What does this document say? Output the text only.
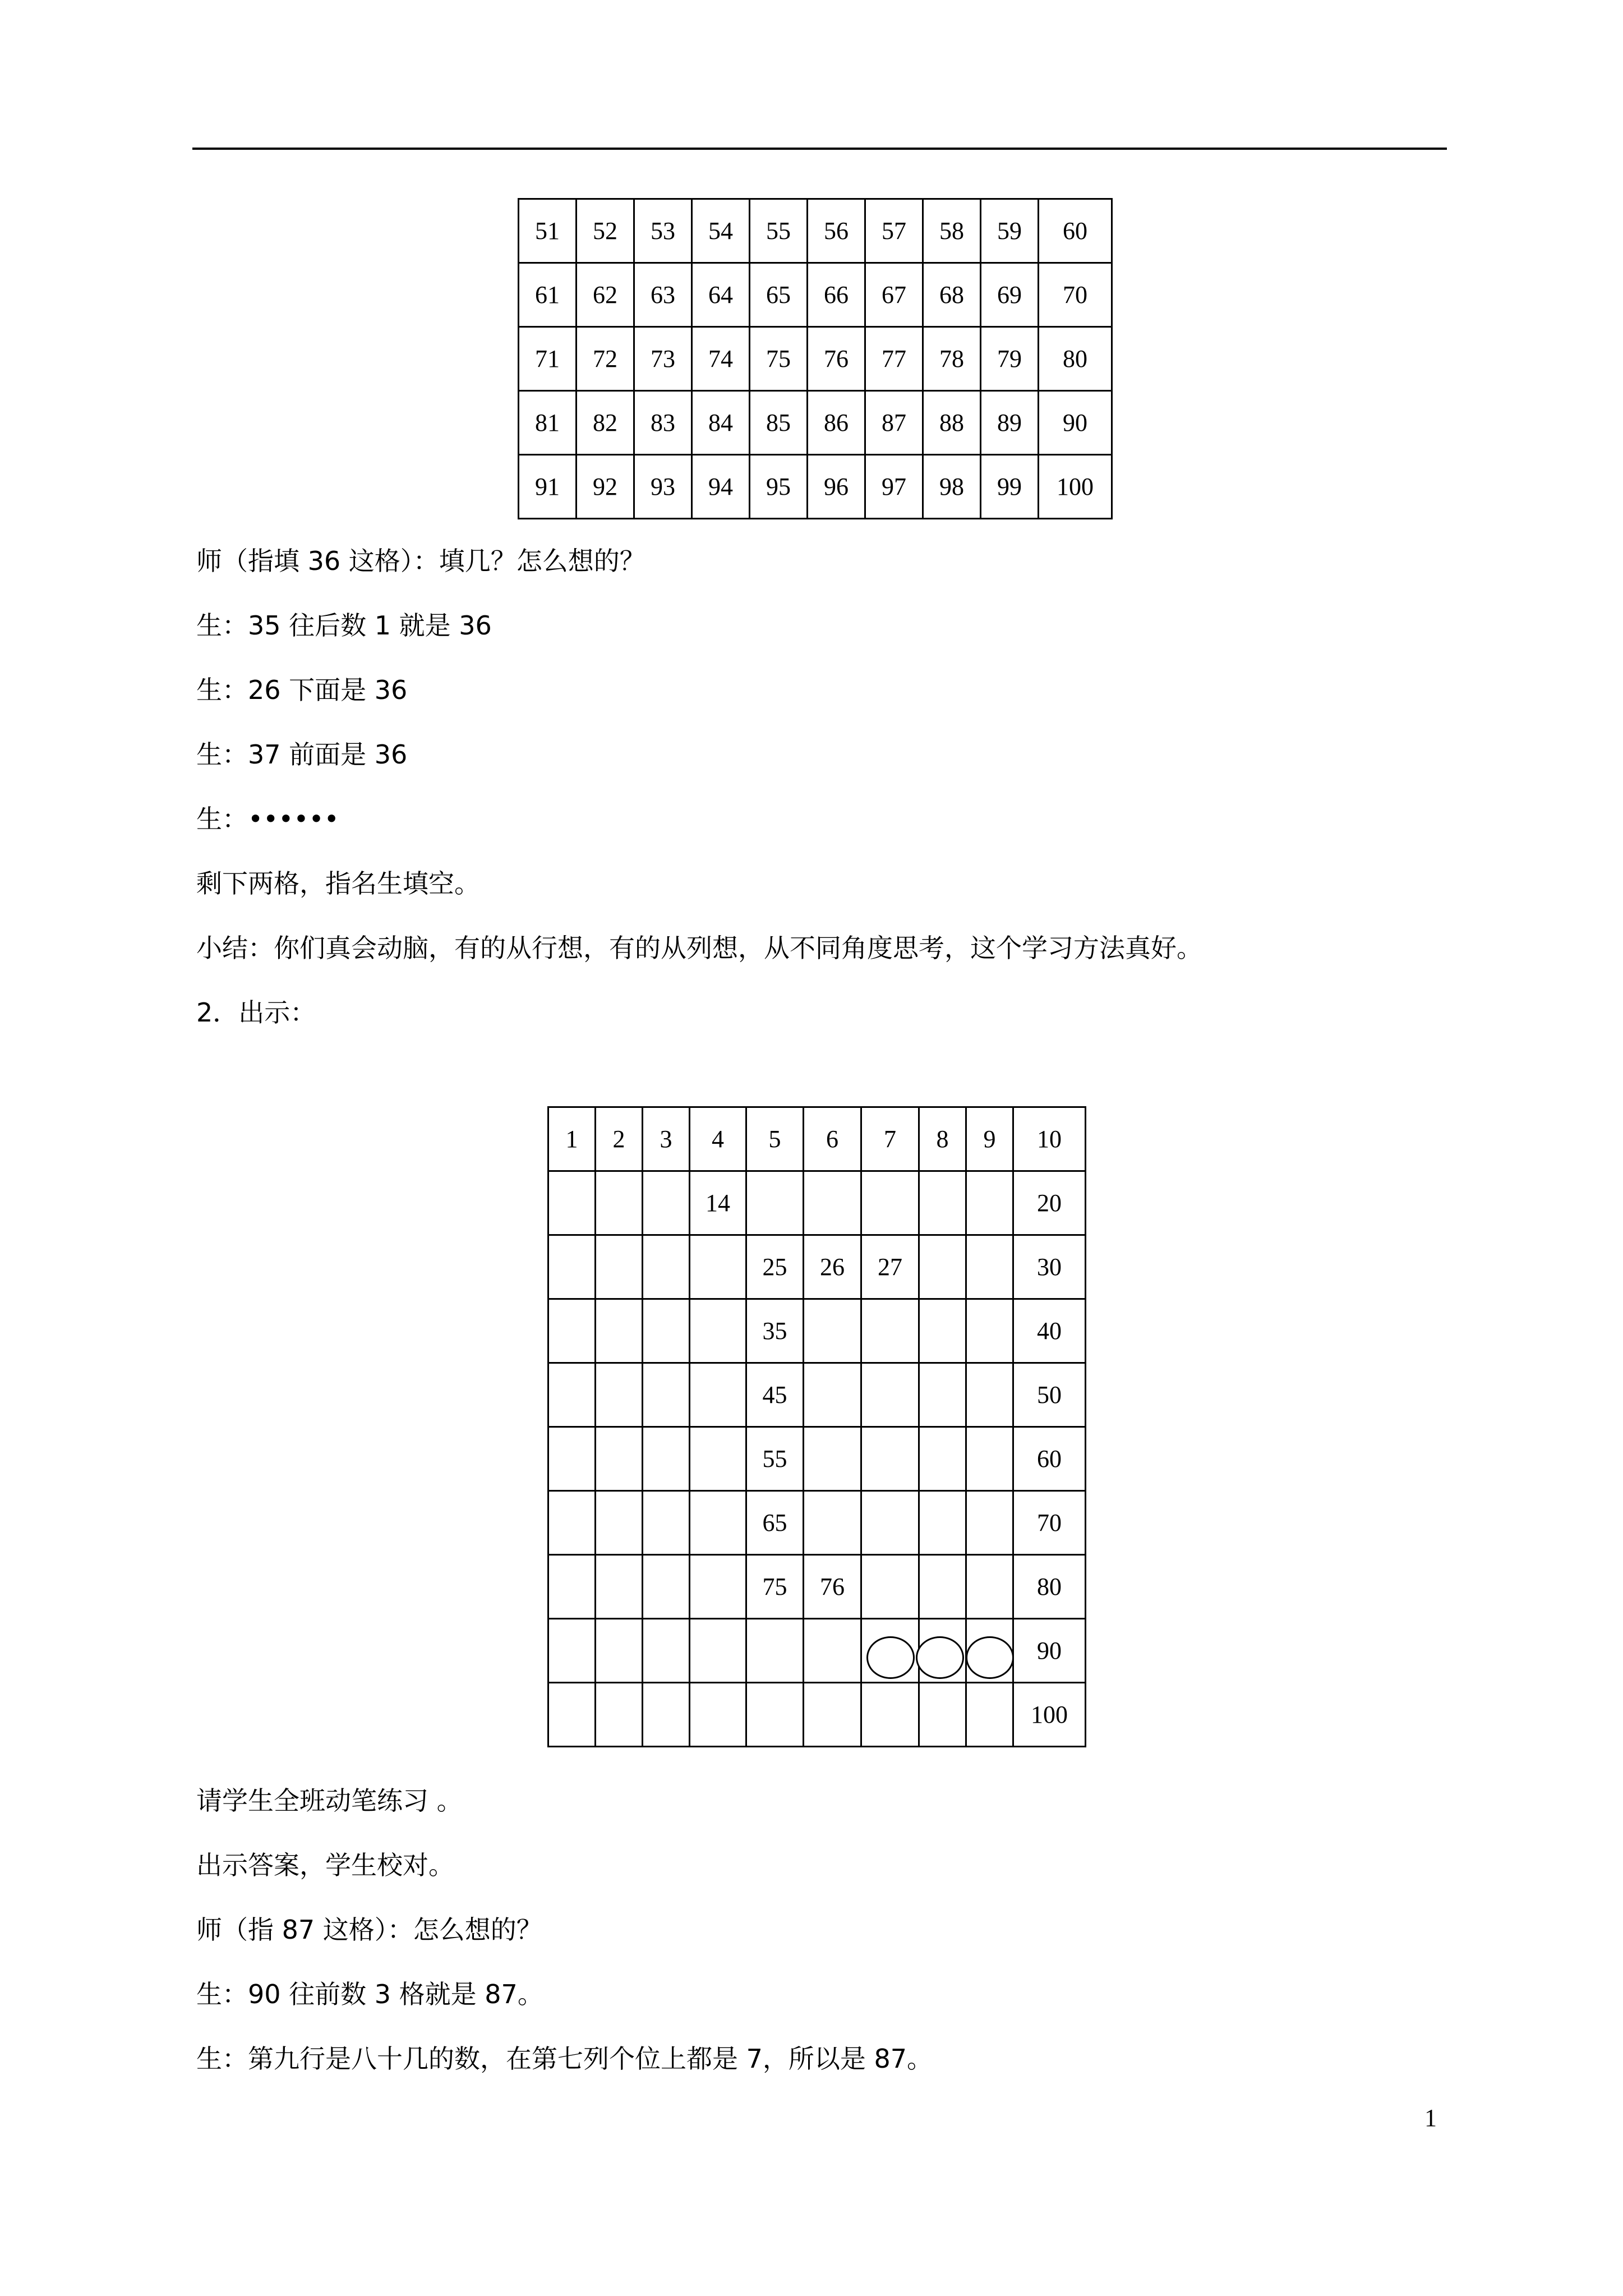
51	52	53	54	55	56	57	58	59	60
61	62	63	64	65	66	67	68	69	70
71	72	73	74	75	76	77	78	79	80
81	82	83	84	85	86	87	88	89	90
91	92	93	94	95	96	97	98	99	100
师（指填 36 这格）：填几？怎么想的？
生：35 往后数 1 就是 36
生：26 下面是 36
生：37 前面是 36
生：••••••
剩下两格，指名生填空。
小结：你们真会动脑，有的从行想，有的从列想，从不同角度思考，这个学习方法真好。
2．出示：
1	2	3	4	5	6	7	8	9	10
			14						20
				25	26	27			30
				35					40
				45					50
				55					60
				65					70
				75	76				80
									90
									100
请学生全班动笔练习 。
出示答案，学生校对。
师（指 87 这格）：怎么想的？
生：90 往前数 3 格就是 87。
生：第九行是八十几的数，在第七列个位上都是 7，所以是 87。
1
